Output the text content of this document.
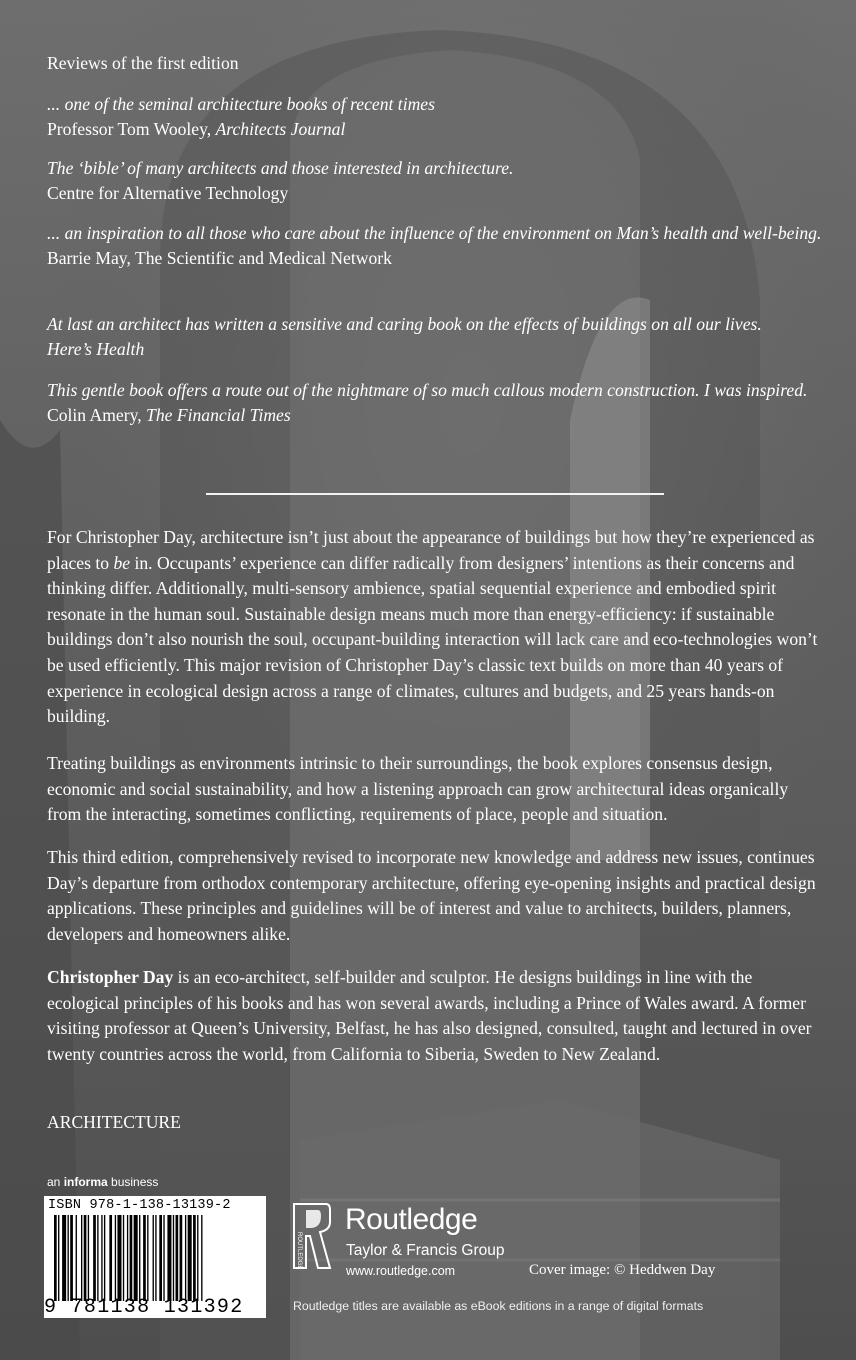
Reviews of the first edition
... one of the seminal architecture books of recent times
Professor Tom Wooley, Architects Journal
The ‘bible’ of many architects and those interested in architecture.
Centre for Alternative Technology
... an inspiration to all those who care about the influence of the environment on Man’s health and well-being.
Barrie May, The Scientific and Medical Network
At last an architect has written a sensitive and caring book on the effects of buildings on all our lives.
Here’s Health
This gentle book offers a route out of the nightmare of so much callous modern construction. I was inspired.
Colin Amery, The Financial Times
For Christopher Day, architecture isn’t just about the appearance of buildings but how they’re experienced as places to be in. Occupants’ experience can differ radically from designers’ intentions as their concerns and thinking differ. Additionally, multi-sensory ambience, spatial sequential experience and embodied spirit resonate in the human soul. Sustainable design means much more than energy-efficiency: if sustainable buildings don’t also nourish the soul, occupant-building interaction will lack care and eco-technologies won’t be used efficiently. This major revision of Christopher Day’s classic text builds on more than 40 years of experience in ecological design across a range of climates, cultures and budgets, and 25 years hands-on building.
Treating buildings as environments intrinsic to their surroundings, the book explores consensus design, economic and social sustainability, and how a listening approach can grow architectural ideas organically from the interacting, sometimes conflicting, requirements of place, people and situation.
This third edition, comprehensively revised to incorporate new knowledge and address new issues, continues Day’s departure from orthodox contemporary architecture, offering eye-opening insights and practical design applications. These principles and guidelines will be of interest and value to architects, builders, planners, developers and homeowners alike.
Christopher Day is an eco-architect, self-builder and sculptor. He designs buildings in line with the ecological principles of his books and has won several awards, including a Prince of Wales award. A former visiting professor at Queen’s University, Belfast, he has also designed, consulted, taught and lectured in over twenty countries across the world, from California to Siberia, Sweden to New Zealand.
ARCHITECTURE
an informa business
ISBN 978-1-138-13139-2
9 781138 131392
ROUTLEDGE
Routledge
Taylor & Francis Group
www.routledge.com	Cover image: © Heddwen Day
Routledge titles are available as eBook editions in a range of digital formats
